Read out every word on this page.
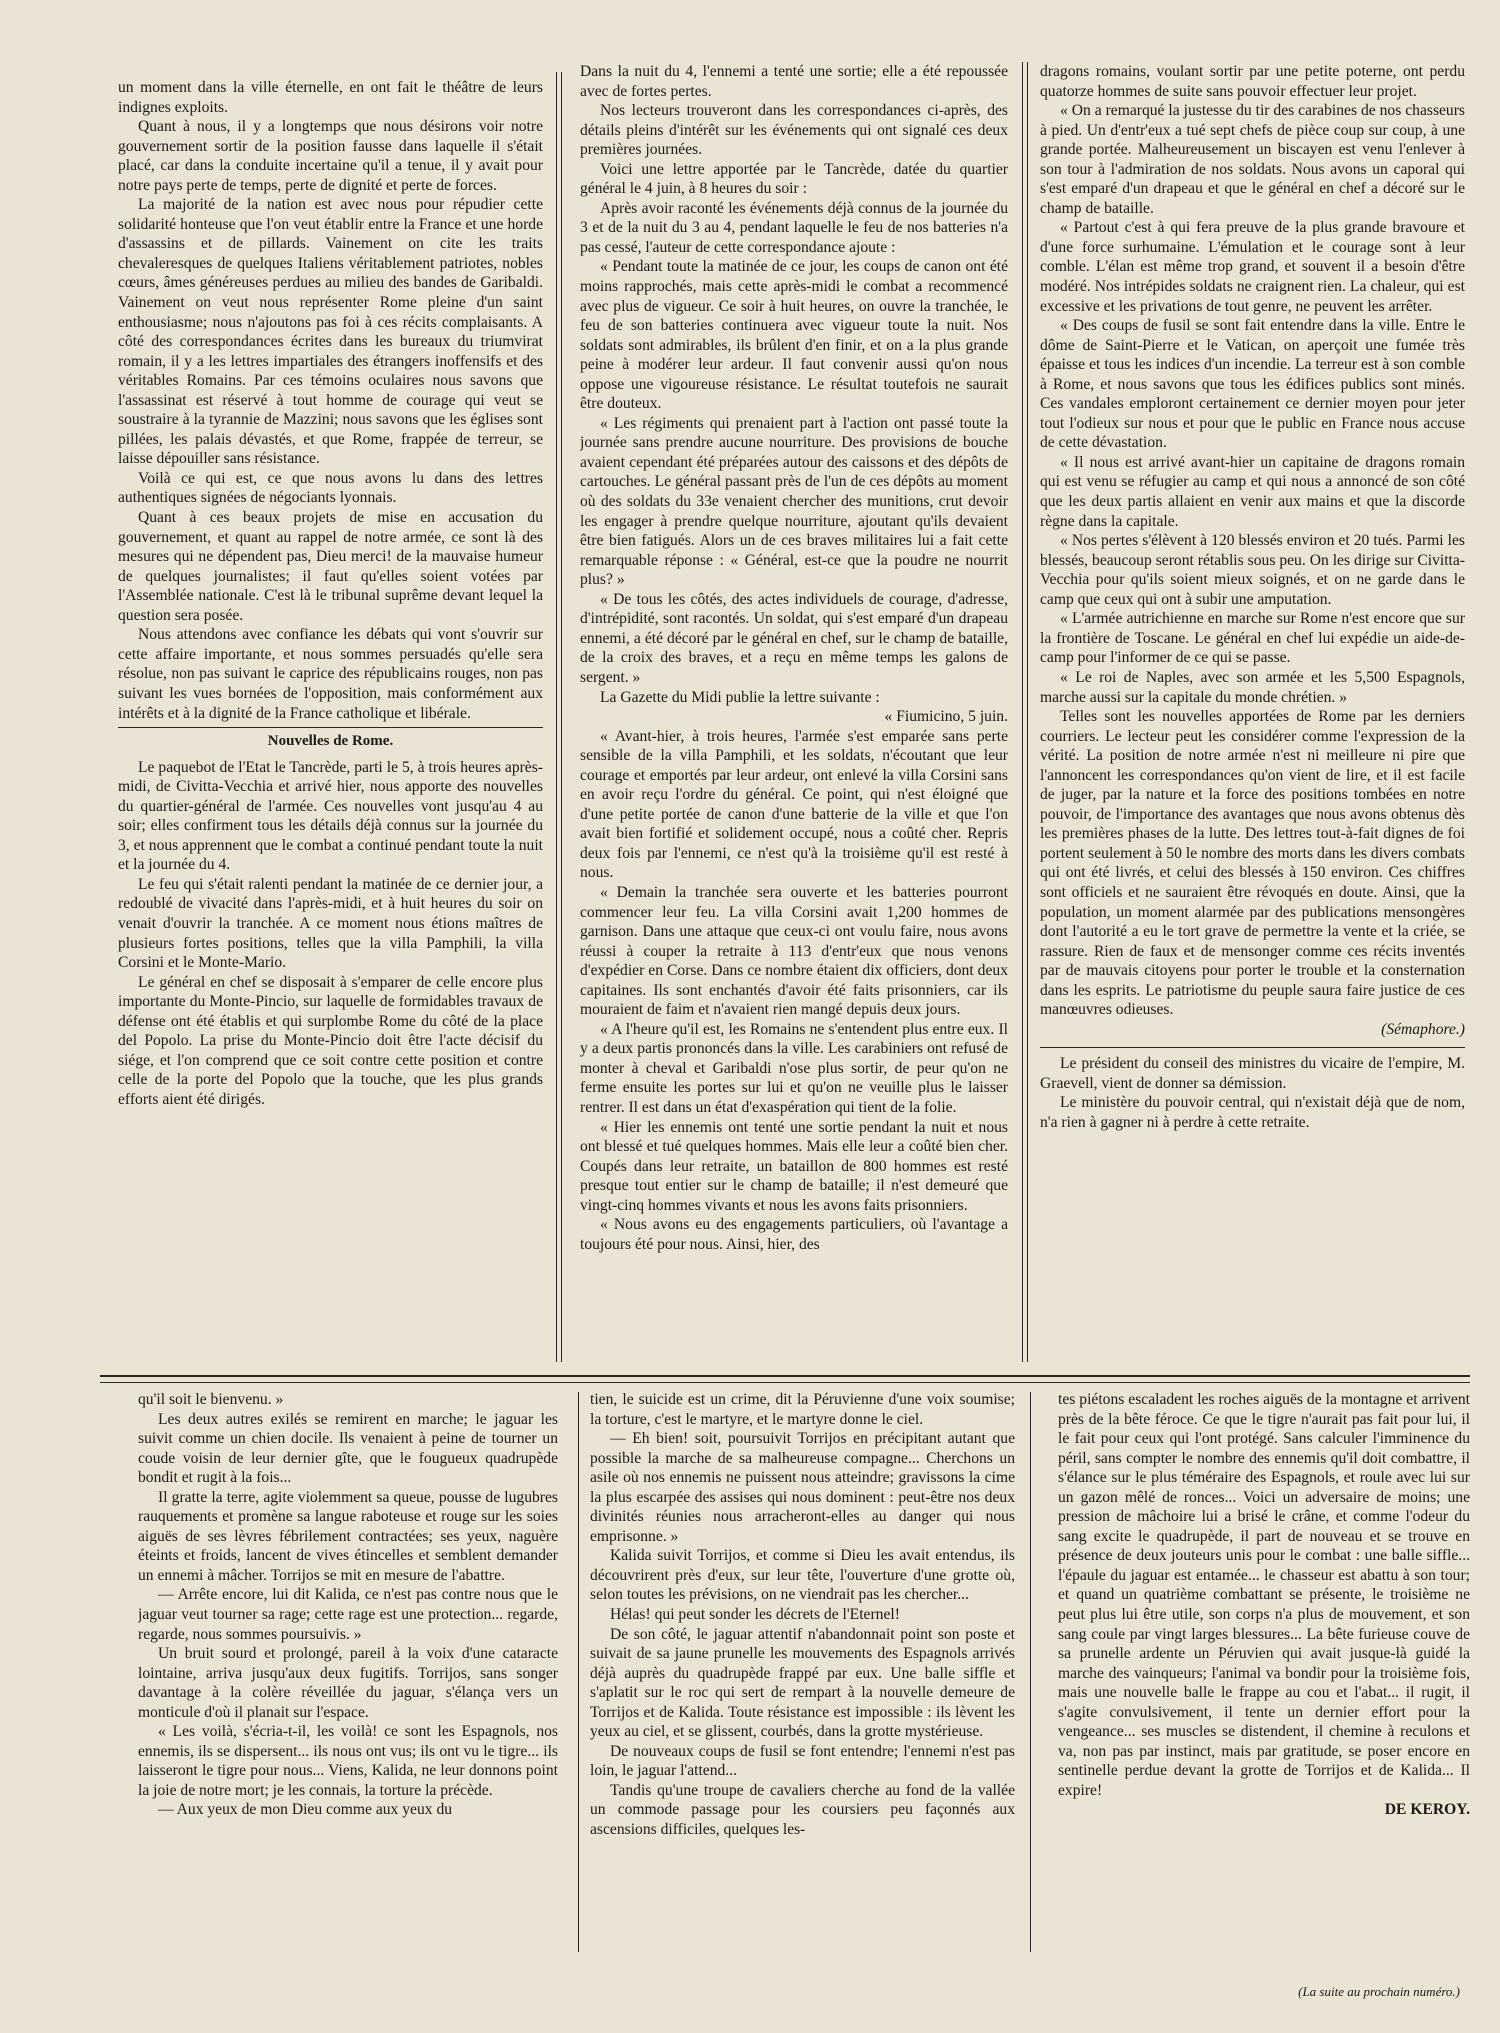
un moment dans la ville éternelle, en ont fait le théâtre de leurs indignes exploits.

Quant à nous, il y a longtemps que nous désirons voir notre gouvernement sortir de la position fausse dans laquelle il s'était placé, car dans la conduite incertaine qu'il a tenue, il y avait pour notre pays perte de temps, perte de dignité et perte de forces.

La majorité de la nation est avec nous pour répudier cette solidarité honteuse que l'on veut établir entre la France et une horde d'assassins et de pillards. Vainement on cite les traits chevaleresques de quelques Italiens véritablement patriotes, nobles cœurs, âmes généreuses perdues au milieu des bandes de Garibaldi. Vainement on veut nous représenter Rome pleine d'un saint enthousiasme; nous n'ajoutons pas foi à ces récits complaisants. A côté des correspondances écrites dans les bureaux du triumvirat romain, il y a les lettres impartiales des étrangers inoffensifs et des véritables Romains. Par ces témoins oculaires nous savons que l'assassinat est réservé à tout homme de courage qui veut se soustraire à la tyrannie de Mazzini; nous savons que les églises sont pillées, les palais dévastés, et que Rome, frappée de terreur, se laisse dépouiller sans résistance.

Voilà ce qui est, ce que nous avons lu dans des lettres authentiques signées de négociants lyonnais.

Quant à ces beaux projets de mise en accusation du gouvernement, et quant au rappel de notre armée, ce sont là des mesures qui ne dépendent pas, Dieu merci! de la mauvaise humeur de quelques journalistes; il faut qu'elles soient votées par l'Assemblée nationale. C'est là le tribunal suprême devant lequel la question sera posée.

Nous attendons avec confiance les débats qui vont s'ouvrir sur cette affaire importante, et nous sommes persuadés qu'elle sera résolue, non pas suivant le caprice des républicains rouges, non pas suivant les vues bornées de l'opposition, mais conformément aux intérêts et à la dignité de la France catholique et libérale.

Nouvelles de Rome.

Le paquebot de l'Etat le Tancrède, parti le 5, à trois heures après-midi, de Civitta-Vecchia et arrivé hier, nous apporte des nouvelles du quartier-général de l'armée. Ces nouvelles vont jusqu'au 4 au soir; elles confirment tous les détails déjà connus sur la journée du 3, et nous apprennent que le combat a continué pendant toute la nuit et la journée du 4.

Le feu qui s'était ralenti pendant la matinée de ce dernier jour, a redoublé de vivacité dans l'après-midi, et à huit heures du soir on venait d'ouvrir la tranchée. A ce moment nous étions maîtres de plusieurs fortes positions, telles que la villa Pamphili, la villa Corsini et le Monte-Mario.

Le général en chef se disposait à s'emparer de celle encore plus importante du Monte-Pincio, sur laquelle de formidables travaux de défense ont été établis et qui surplombe Rome du côté de la place del Popolo. La prise du Monte-Pincio doit être l'acte décisif du siége, et l'on comprend que ce soit contre cette position et contre celle de la porte del Popolo que la touche, que les plus grands efforts aient été dirigés.

Dans la nuit du 4, l'ennemi a tenté une sortie; elle a été repoussée avec de fortes pertes.

Nos lecteurs trouveront dans les correspondances ci-après, des détails pleins d'intérêt sur les événements qui ont signalé ces deux premières journées.

Voici une lettre apportée par le Tancrède, datée du quartier général le 4 juin, à 8 heures du soir :

Après avoir raconté les événements déjà connus de la journée du 3 et de la nuit du 3 au 4, pendant laquelle le feu de nos batteries n'a pas cessé, l'auteur de cette correspondance ajoute :

« Pendant toute la matinée de ce jour, les coups de canon ont été moins rapprochés, mais cette après-midi le combat a recommencé avec plus de vigueur. Ce soir à huit heures, on ouvre la tranchée, le feu de son batteries continuera avec vigueur toute la nuit. Nos soldats sont admirables, ils brûlent d'en finir, et on a la plus grande peine à modérer leur ardeur. Il faut convenir aussi qu'on nous oppose une vigoureuse résistance. Le résultat toutefois ne saurait être douteux.

« Les régiments qui prenaient part à l'action ont passé toute la journée sans prendre aucune nourriture. Des provisions de bouche avaient cependant été préparées autour des caissons et des dépôts de cartouches. Le général passant près de l'un de ces dépôts au moment où des soldats du 33e venaient chercher des munitions, crut devoir les engager à prendre quelque nourriture, ajoutant qu'ils devaient être bien fatigués. Alors un de ces braves militaires lui a fait cette remarquable réponse : « Général, est-ce que la poudre ne nourrit plus? »

« De tous les côtés, des actes individuels de courage, d'adresse, d'intrépidité, sont racontés. Un soldat, qui s'est emparé d'un drapeau ennemi, a été décoré par le général en chef, sur le champ de bataille, de la croix des braves, et a reçu en même temps les galons de sergent. »

La Gazette du Midi publie la lettre suivante :

« Fiumicino, 5 juin.

« Avant-hier, à trois heures, l'armée s'est emparée sans perte sensible de la villa Pamphili, et les soldats, n'écoutant que leur courage et emportés par leur ardeur, ont enlevé la villa Corsini sans en avoir reçu l'ordre du général. Ce point, qui n'est éloigné que d'une petite portée de canon d'une batterie de la ville et que l'on avait bien fortifié et solidement occupé, nous a coûté cher. Repris deux fois par l'ennemi, ce n'est qu'à la troisième qu'il est resté à nous.

« Demain la tranchée sera ouverte et les batteries pourront commencer leur feu. La villa Corsini avait 1,200 hommes de garnison. Dans une attaque que ceux-ci ont voulu faire, nous avons réussi à couper la retraite à 113 d'entr'eux que nous venons d'expédier en Corse. Dans ce nombre étaient dix officiers, dont deux capitaines. Ils sont enchantés d'avoir été faits prisonniers, car ils mouraient de faim et n'avaient rien mangé depuis deux jours.

« A l'heure qu'il est, les Romains ne s'entendent plus entre eux. Il y a deux partis prononcés dans la ville. Les carabiniers ont refusé de monter à cheval et Garibaldi n'ose plus sortir, de peur qu'on ne ferme ensuite les portes sur lui et qu'on ne veuille plus le laisser rentrer. Il est dans un état d'exaspération qui tient de la folie.

« Hier les ennemis ont tenté une sortie pendant la nuit et nous ont blessé et tué quelques hommes. Mais elle leur a coûté bien cher. Coupés dans leur retraite, un bataillon de 800 hommes est resté presque tout entier sur le champ de bataille; il n'est demeuré que vingt-cinq hommes vivants et nous les avons faits prisonniers.

« Nous avons eu des engagements particuliers, où l'avantage a toujours été pour nous. Ainsi, hier, des

dragons romains, voulant sortir par une petite poterne, ont perdu quatorze hommes de suite sans pouvoir effectuer leur projet.

« On a remarqué la justesse du tir des carabines de nos chasseurs à pied. Un d'entr'eux a tué sept chefs de pièce coup sur coup, à une grande portée. Malheureusement un biscayen est venu l'enlever à son tour à l'admiration de nos soldats. Nous avons un caporal qui s'est emparé d'un drapeau et que le général en chef a décoré sur le champ de bataille.

« Partout c'est à qui fera preuve de la plus grande bravoure et d'une force surhumaine. L'émulation et le courage sont à leur comble. L'élan est même trop grand, et souvent il a besoin d'être modéré. Nos intrépides soldats ne craignent rien. La chaleur, qui est excessive et les privations de tout genre, ne peuvent les arrêter.

« Des coups de fusil se sont fait entendre dans la ville. Entre le dôme de Saint-Pierre et le Vatican, on aperçoit une fumée très épaisse et tous les indices d'un incendie. La terreur est à son comble à Rome, et nous savons que tous les édifices publics sont minés. Ces vandales emploront certainement ce dernier moyen pour jeter tout l'odieux sur nous et pour que le public en France nous accuse de cette dévastation.

« Il nous est arrivé avant-hier un capitaine de dragons romain qui est venu se réfugier au camp et qui nous a annoncé de son côté que les deux partis allaient en venir aux mains et que la discorde règne dans la capitale.

« Nos pertes s'élèvent à 120 blessés environ et 20 tués. Parmi les blessés, beaucoup seront rétablis sous peu. On les dirige sur Civitta-Vecchia pour qu'ils soient mieux soignés, et on ne garde dans le camp que ceux qui ont à subir une amputation.

« L'armée autrichienne en marche sur Rome n'est encore que sur la frontière de Toscane. Le général en chef lui expédie un aide-de-camp pour l'informer de ce qui se passe.

« Le roi de Naples, avec son armée et les 5,500 Espagnols, marche aussi sur la capitale du monde chrétien. »

Telles sont les nouvelles apportées de Rome par les derniers courriers. Le lecteur peut les considérer comme l'expression de la vérité. La position de notre armée n'est ni meilleure ni pire que l'annoncent les correspondances qu'on vient de lire, et il est facile de juger, par la nature et la force des positions tombées en notre pouvoir, de l'importance des avantages que nous avons obtenus dès les premières phases de la lutte. Des lettres tout-à-fait dignes de foi portent seulement à 50 le nombre des morts dans les divers combats qui ont été livrés, et celui des blessés à 150 environ. Ces chiffres sont officiels et ne sauraient être révoqués en doute. Ainsi, que la population, un moment alarmée par des publications mensongères dont l'autorité a eu le tort grave de permettre la vente et la criée, se rassure. Rien de faux et de mensonger comme ces récits inventés par de mauvais citoyens pour porter le trouble et la consternation dans les esprits. Le patriotisme du peuple saura faire justice de ces manœuvres odieuses.

(Sémaphore.)

Le président du conseil des ministres du vicaire de l'empire, M. Graevell, vient de donner sa démission.

Le ministère du pouvoir central, qui n'existait déjà que de nom, n'a rien à gagner ni à perdre à cette retraite.

qu'il soit le bienvenu. »

Les deux autres exilés se remirent en marche; le jaguar les suivit comme un chien docile. Ils venaient à peine de tourner un coude voisin de leur dernier gîte, que le fougueux quadrupède bondit et rugit à la fois...

Il gratte la terre, agite violemment sa queue, pousse de lugubres rauquements et promène sa langue raboteuse et rouge sur les soies aiguës de ses lèvres fébrilement contractées; ses yeux, naguère éteints et froids, lancent de vives étincelles et semblent demander un ennemi à mâcher. Torrijos se mit en mesure de l'abattre.

— Arrête encore, lui dit Kalida, ce n'est pas contre nous que le jaguar veut tourner sa rage; cette rage est une protection... regarde, regarde, nous sommes poursuivis. »

Un bruit sourd et prolongé, pareil à la voix d'une cataracte lointaine, arriva jusqu'aux deux fugitifs. Torrijos, sans songer davantage à la colère réveillée du jaguar, s'élança vers un monticule d'où il planait sur l'espace.

« Les voilà, s'écria-t-il, les voilà! ce sont les Espagnols, nos ennemis, ils se dispersent... ils nous ont vus; ils ont vu le tigre... ils laisseront le tigre pour nous... Viens, Kalida, ne leur donnons point la joie de notre mort; je les connais, la torture la précède.

— Aux yeux de mon Dieu comme aux yeux du

tien, le suicide est un crime, dit la Péruvienne d'une voix soumise; la torture, c'est le martyre, et le martyre donne le ciel.

— Eh bien! soit, poursuivit Torrijos en précipitant autant que possible la marche de sa malheureuse compagne... Cherchons un asile où nos ennemis ne puissent nous atteindre; gravissons la cime la plus escarpée des assises qui nous dominent : peut-être nos deux divinités réunies nous arracheront-elles au danger qui nous emprisonne. »

Kalida suivit Torrijos, et comme si Dieu les avait entendus, ils découvrirent près d'eux, sur leur tête, l'ouverture d'une grotte où, selon toutes les prévisions, on ne viendrait pas les chercher...

Hélas! qui peut sonder les décrets de l'Eternel!

De son côté, le jaguar attentif n'abandonnait point son poste et suivait de sa jaune prunelle les mouvements des Espagnols arrivés déjà auprès du quadrupède frappé par eux. Une balle siffle et s'aplatit sur le roc qui sert de rempart à la nouvelle demeure de Torrijos et de Kalida. Toute résistance est impossible : ils lèvent les yeux au ciel, et se glissent, courbés, dans la grotte mystérieuse.

De nouveaux coups de fusil se font entendre; l'ennemi n'est pas loin, le jaguar l'attend...

Tandis qu'une troupe de cavaliers cherche au fond de la vallée un commode passage pour les coursiers peu façonnés aux ascensions difficiles, quelques les-

tes piétons escaladent les roches aiguës de la montagne et arrivent près de la bête féroce. Ce que le tigre n'aurait pas fait pour lui, il le fait pour ceux qui l'ont protégé. Sans calculer l'imminence du péril, sans compter le nombre des ennemis qu'il doit combattre, il s'élance sur le plus téméraire des Espagnols, et roule avec lui sur un gazon mêlé de ronces... Voici un adversaire de moins; une pression de mâchoire lui a brisé le crâne, et comme l'odeur du sang excite le quadrupède, il part de nouveau et se trouve en présence de deux jouteurs unis pour le combat : une balle siffle... l'épaule du jaguar est entamée... le chasseur est abattu à son tour; et quand un quatrième combattant se présente, le troisième ne peut plus lui être utile, son corps n'a plus de mouvement, et son sang coule par vingt larges blessures... La bête furieuse couve de sa prunelle ardente un Péruvien qui avait jusque-là guidé la marche des vainqueurs; l'animal va bondir pour la troisième fois, mais une nouvelle balle le frappe au cou et l'abat... il rugit, il s'agite convulsivement, il tente un dernier effort pour la vengeance... ses muscles se distendent, il chemine à reculons et va, non pas par instinct, mais par gratitude, se poser encore en sentinelle perdue devant la grotte de Torrijos et de Kalida... Il expire!

DE KEROY.

(La suite au prochain numéro.)
